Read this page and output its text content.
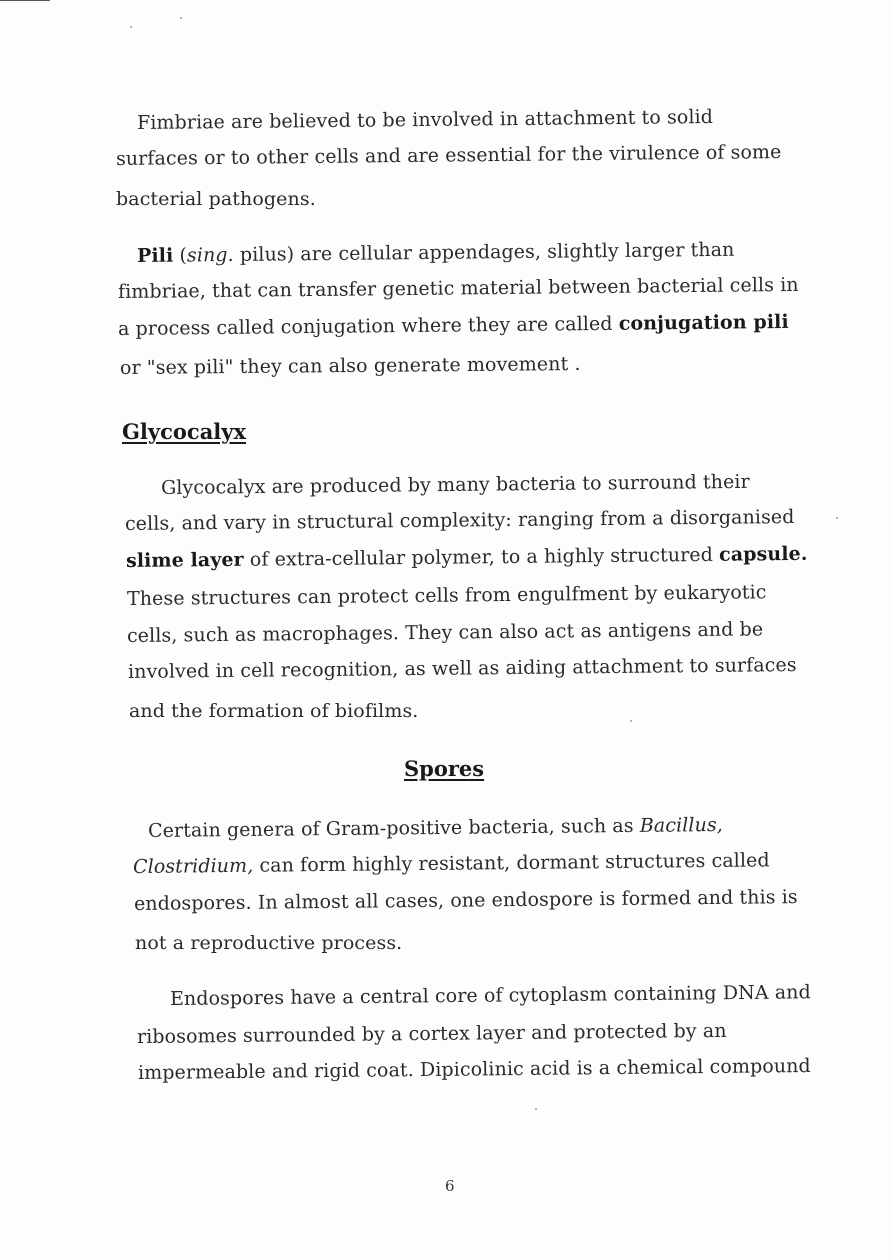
Fimbriae are believed to be involved in attachment to solid
surfaces or to other cells and are essential for the virulence of some
bacterial pathogens.
Pili (sing. pilus) are cellular appendages, slightly larger than
fimbriae, that can transfer genetic material between bacterial cells in
a process called conjugation where they are called conjugation pili
or "sex pili" they can also generate movement .
Glycocalyx
Glycocalyx are produced by many bacteria to surround their
cells, and vary in structural complexity: ranging from a disorganised
slime layer of extra-cellular polymer, to a highly structured capsule.
These structures can protect cells from engulfment by eukaryotic
cells, such as macrophages. They can also act as antigens and be
involved in cell recognition, as well as aiding attachment to surfaces
and the formation of biofilms.
Spores
Certain genera of Gram-positive bacteria, such as Bacillus,
Clostridium, can form highly resistant, dormant structures called
endospores. In almost all cases, one endospore is formed and this is
not a reproductive process.
Endospores have a central core of cytoplasm containing DNA and
ribosomes surrounded by a cortex layer and protected by an
impermeable and rigid coat. Dipicolinic acid is a chemical compound
6
